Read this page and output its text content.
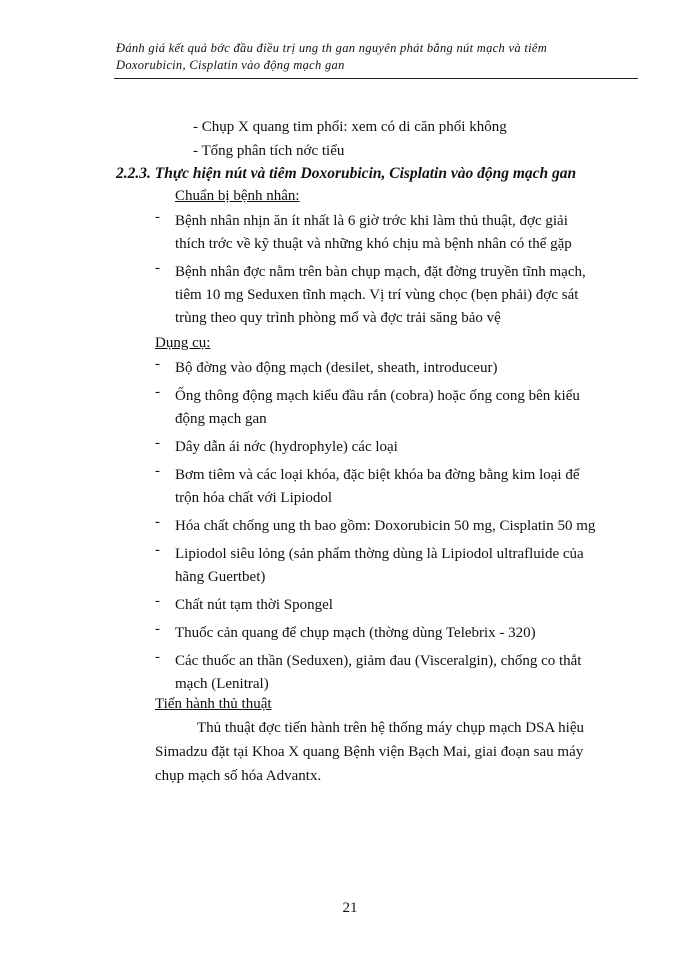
Đánh giá kết quả bớc đầu điều trị ung th gan nguyên phát bằng nút mạch và tiêm
Doxorubicin, Cisplatin vào động mạch gan
- Chụp X quang tim phổi: xem có di căn phổi không
- Tổng phân tích nớc tiểu
2.2.3. Thực hiện nút và tiêm Doxorubicin, Cisplatin vào động mạch gan
Chuẩn bị bệnh nhân:
- Bệnh nhân nhịn ăn ít nhất là 6 giờ trớc khi làm thủ thuật, đợc giải
thích trớc về kỹ thuật và những khó chịu mà bệnh nhân có thể gặp
- Bệnh nhân đợc nằm trên bàn chụp mạch, đặt đờng truyền tĩnh mạch,
tiêm 10 mg Seduxen tĩnh mạch. Vị trí vùng chọc (bẹn phải) đợc sát
trùng theo quy trình phòng mổ và đợc trải săng bảo vệ
Dụng cụ:
- Bộ đờng vào động mạch (desilet, sheath, introduceur)
- Ống thông động mạch kiểu đầu rắn (cobra) hoặc ống cong bên kiểu
động mạch gan
- Dây dẫn ái nớc (hydrophyle) các loại
- Bơm tiêm và các loại khóa, đặc biệt khóa ba đờng bằng kim loại để
trộn hóa chất với Lipiodol
- Hóa chất chống ung th bao gồm: Doxorubicin 50 mg, Cisplatin 50 mg
- Lipiodol siêu lỏng (sản phẩm thờng dùng là Lipiodol ultrafluide của
hãng Guertbet)
- Chất nút tạm thời Spongel
- Thuốc cản quang để chụp mạch (thờng dùng Telebrix - 320)
- Các thuốc an thần (Seduxen), giảm đau (Visceralgin), chống co thắt
mạch (Lenitral)
Tiến hành thủ thuật
Thủ thuật đợc tiến hành trên hệ thống máy chụp mạch DSA hiệu
Simadzu đặt tại Khoa X quang Bệnh viện Bạch Mai, giai đoạn sau máy
chụp mạch số hóa Advantx.
21
